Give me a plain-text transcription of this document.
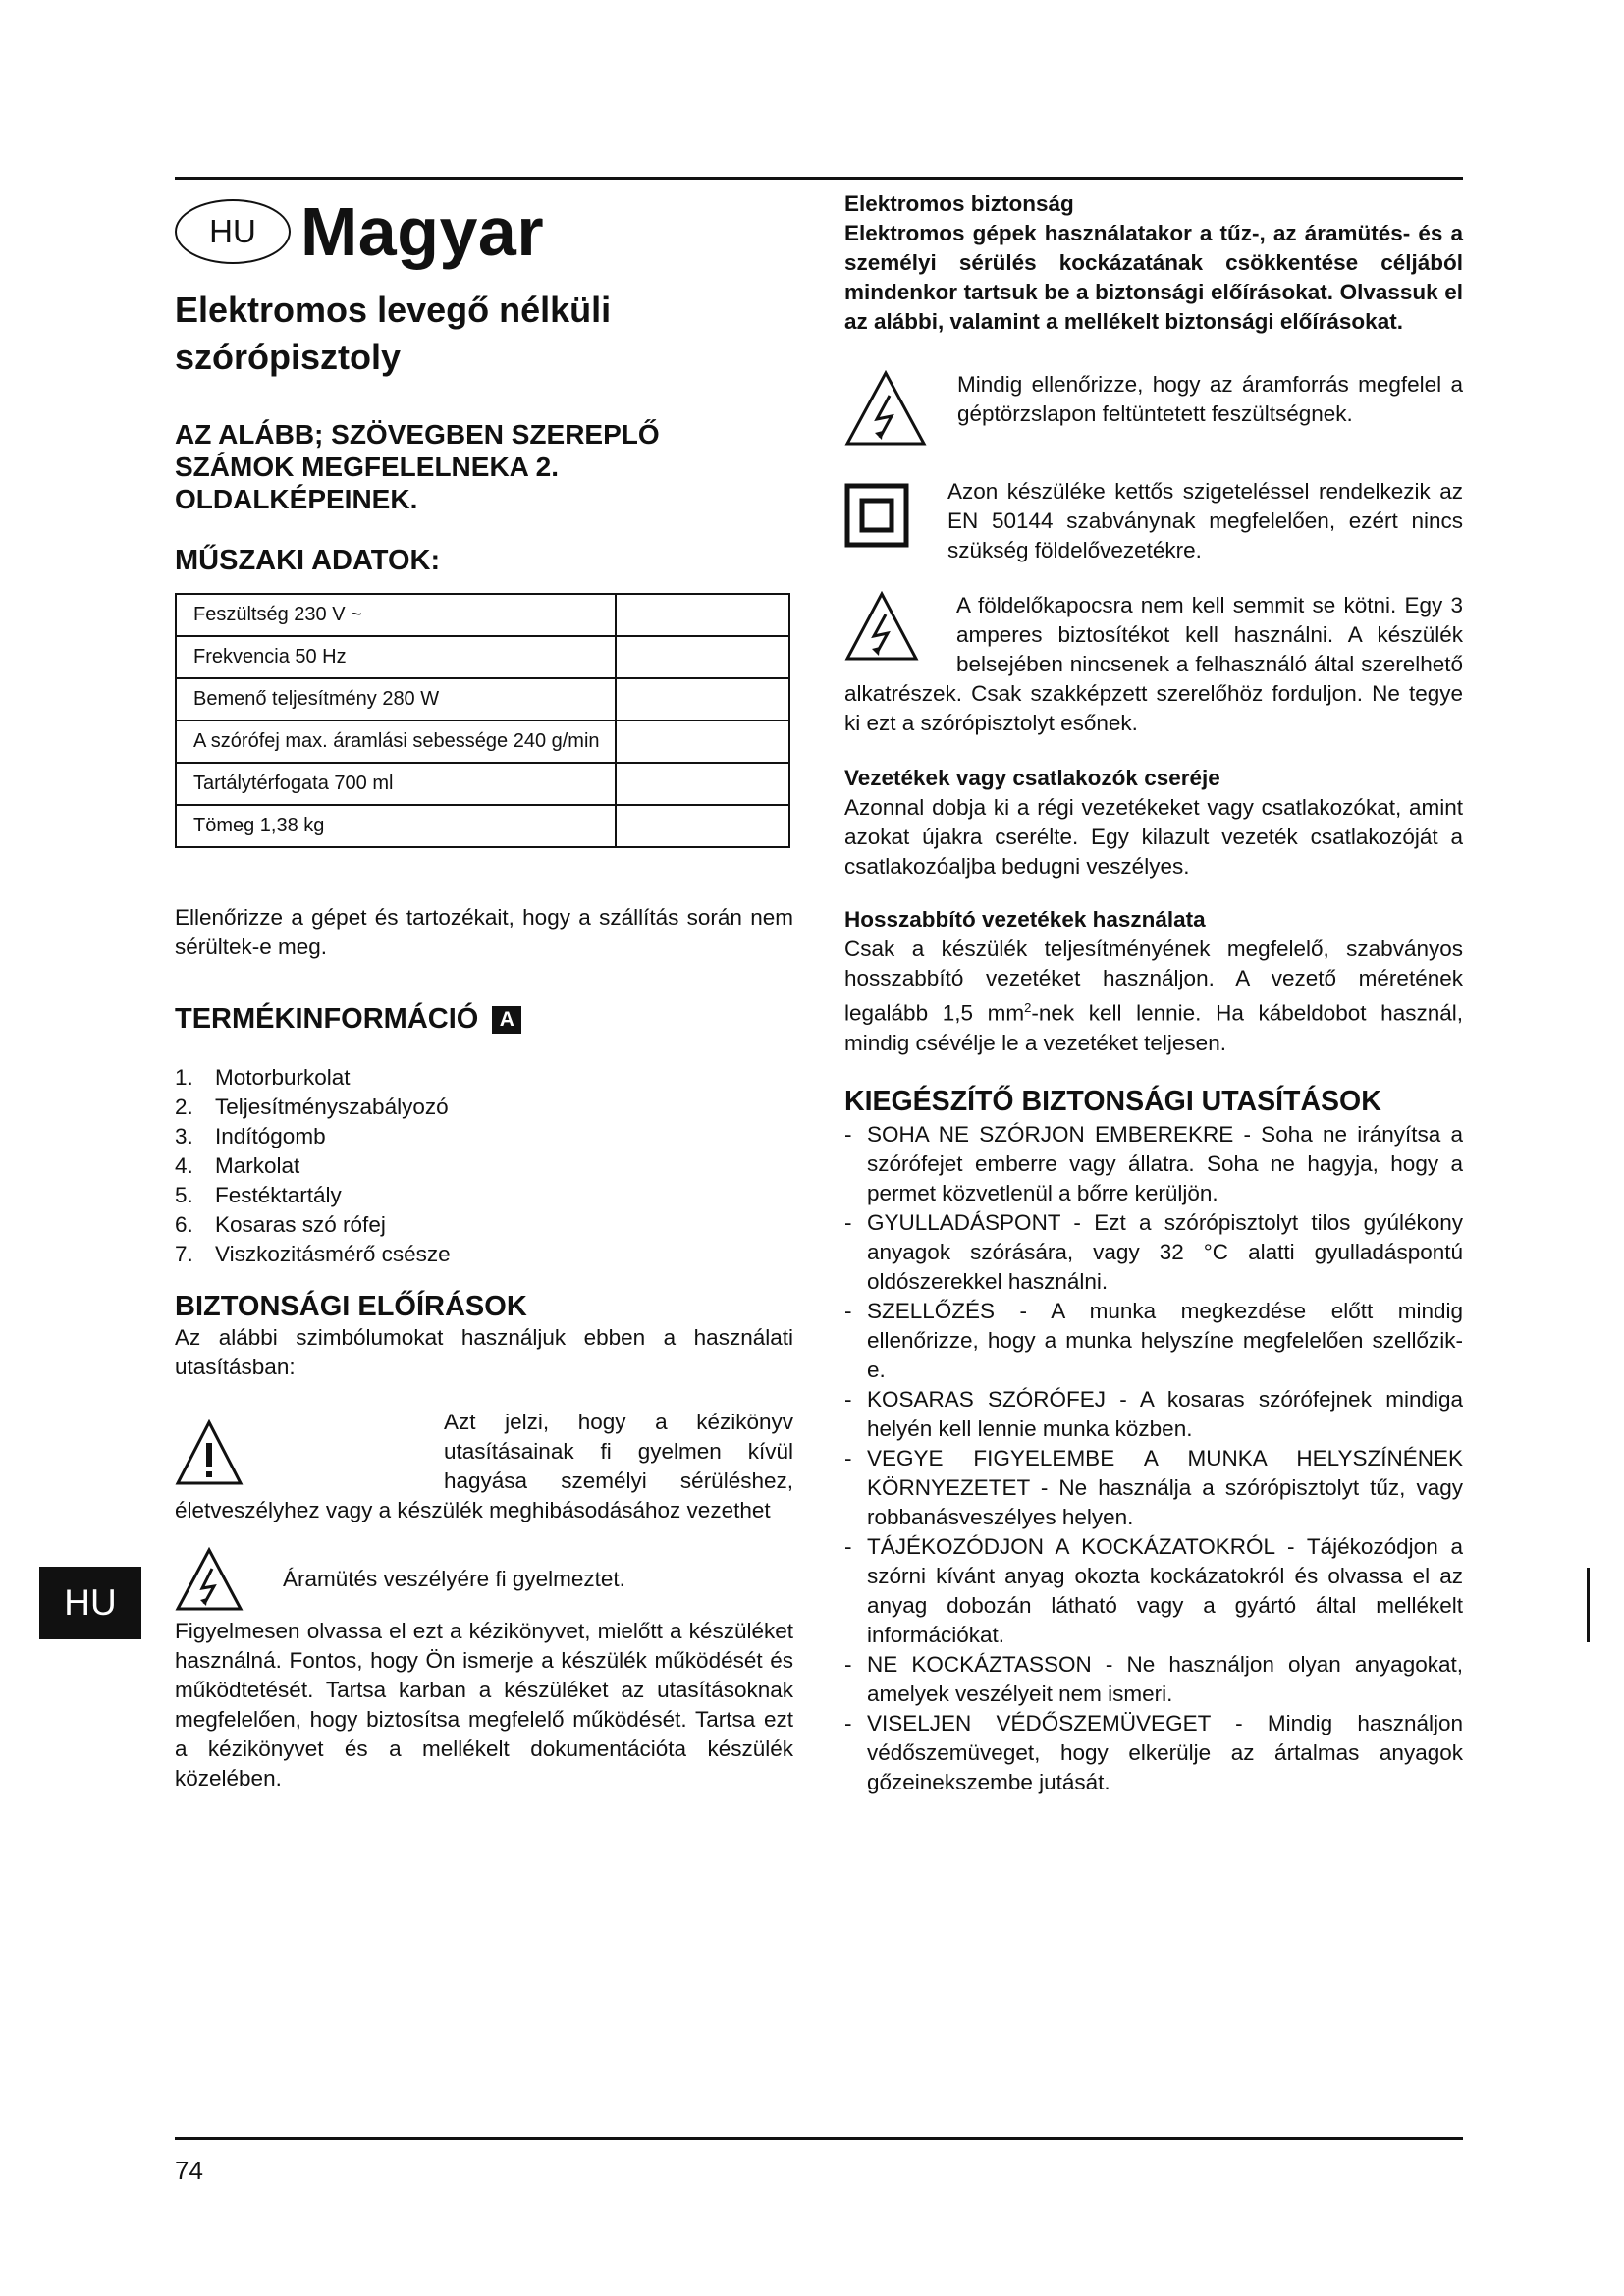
HU
HU Magyar
Elektromos levegő nélküli szórópisztoly
AZ ALÁBB; SZÖVEGBEN SZEREPLŐ SZÁMOK MEGFELELNEKA 2. OLDALKÉPEINEK.
MŰSZAKI ADATOK:
Feszültség 230 V ~	
Frekvencia 50 Hz	
Bemenő teljesítmény 280 W	
A szórófej max. áramlási sebessége 240 g/min	
Tartálytérfogata 700 ml	
Tömeg 1,38 kg	

Ellenőrizze a gépet és tartozékait, hogy a szállítás során nem sérültek-e meg.

TERMÉKINFORMÁCIÓ	A
1. Motorburkolat
2. Teljesítményszabályozó
3. Indítógomb
4. Markolat
5. Festéktartály
6. Kosaras szó rófej
7. Viszkozitásmérő csésze
BIZTONSÁGI ELŐÍRÁSOK

Az alábbi szimbólumokat használjuk ebben a használati utasításban:

Azt jelzi, hogy a kézikönyv utasításainak fi gyelmen kívül hagyása személyi sérüléshez, életveszélyhez vagy a készülék meghibásodásához vezethet

Áramütés veszélyére fi gyelmeztet.

Figyelmesen olvassa el ezt a kézikönyvet, mielőtt a készüléket használná. Fontos, hogy Ön ismerje a készülék működését és működtetését. Tartsa karban a készüléket az utasításoknak megfelelően, hogy biztosítsa megfelelő működését. Tartsa ezt a kézikönyvet és a mellékelt dokumentációta készülék közelében.

Elektromos biztonság

Elektromos gépek használatakor a tűz-, az áramütés- és a személyi sérülés kockázatának csökkentése céljából mindenkor tartsuk be a biztonsági előírásokat. Olvassuk el az alábbi, valamint a mellékelt biztonsági előírásokat.

Mindig ellenőrizze, hogy az áramforrás megfelel a géptörzslapon feltüntetett feszültségnek.

Azon készüléke kettős szigeteléssel rendelkezik az EN 50144 szabványnak megfelelően, ezért nincs szükség földelővezetékre.

A földelőkapocsra nem kell semmit se kötni. Egy 3 amperes biztosítékot kell használni. A készülék belsejében nincsenek a felhasználó által szerelhető alkatrészek. Csak szakképzett szerelőhöz forduljon. Ne tegye ki ezt a szórópisztolyt esőnek.

Vezetékek vagy csatlakozók cseréje

Azonnal dobja ki a régi vezetékeket vagy csatlakozókat, amint azokat újakra cserélte. Egy kilazult vezeték csatlakozóját a csatlakozóaljba bedugni veszélyes.

Hosszabbító vezetékek használata

Csak a készülék teljesítményének megfelelő, szabványos hosszabbító vezetéket használjon. A vezető méretének legalább 1,5 $mm^2$-nek kell lennie. Ha kábeldobot használ, mindig csévélje le a vezetéket teljesen.

KIEGÉSZÍTŐ BIZTONSÁGI UTASÍTÁSOK
- SOHA NE SZÓRJON EMBEREKRE - Soha ne irányítsa a szórófejet emberre vagy állatra. Soha ne hagyja, hogy a permet közvetlenül a bőrre kerüljön.
- GYULLADÁSPONT - Ezt a szórópisztolyt tilos gyúlékony anyagok szórására, vagy 32 °C alatti gyulladáspontú oldószerekkel használni.
- SZELLŐZÉS - A munka megkezdése előtt mindig ellenőrizze, hogy a munka helyszíne megfelelően szellőzik-e.
- KOSARAS SZÓRÓFEJ - A kosaras szórófejnek mindiga helyén kell lennie munka közben.
- VEGYE FIGYELEMBE A MUNKA HELYSZÍNÉNEK KÖRNYEZETET - Ne használja a szórópisztolyt tűz, vagy robbanásveszélyes helyen.
- TÁJÉKOZÓDJON A KOCKÁZATOKRÓL - Tájékozódjon a szórni kívánt anyag okozta kockázatokról és olvassa el az anyag dobozán látható vagy a gyártó által mellékelt információkat.
- NE KOCKÁZTASSON - Ne használjon olyan anyagokat, amelyek veszélyeit nem ismeri.
- VISELJEN VÉDŐSZEMÜVEGET - Mindig használjon védőszemüveget, hogy elkerülje az ártalmas anyagok gőzeinekszembe jutását.
74
